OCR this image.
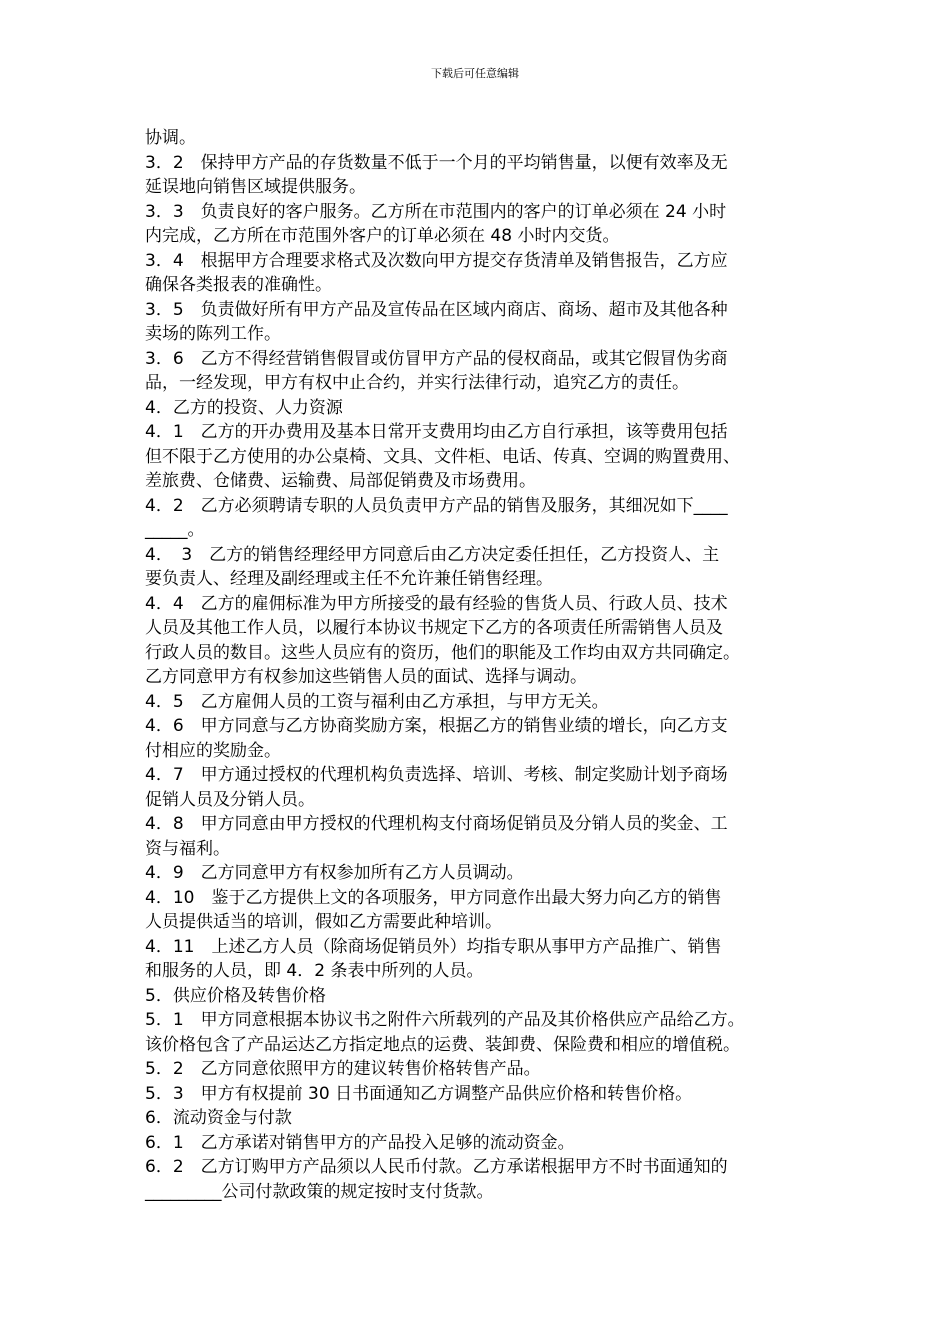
下载后可任意编辑
协调。
3．2　保持甲方产品的存货数量不低于一个月的平均销售量，以便有效率及无
延误地向销售区域提供服务。
3．3　负责良好的客户服务。乙方所在市范围内的客户的订单必须在 24 小时
内完成，乙方所在市范围外客户的订单必须在 48 小时内交货。
3．4　根据甲方合理要求格式及次数向甲方提交存货清单及销售报告，乙方应
确保各类报表的准确性。
3．5　负责做好所有甲方产品及宣传品在区域内商店、商场、超市及其他各种
卖场的陈列工作。
3．6　乙方不得经营销售假冒或仿冒甲方产品的侵权商品，或其它假冒伪劣商
品，一经发现，甲方有权中止合约，并实行法律行动，追究乙方的责任。
4．乙方的投资、人力资源
4．1　乙方的开办费用及基本日常开支费用均由乙方自行承担，该等费用包括
但不限于乙方使用的办公桌椅、文具、文件柜、电话、传真、空调的购置费用、
差旅费、仓储费、运输费、局部促销费及市场费用。
4．2　乙方必须聘请专职的人员负责甲方产品的销售及服务，其细况如下____
_____。
4．　3　乙方的销售经理经甲方同意后由乙方决定委任担任，乙方投资人、主
要负责人、经理及副经理或主任不允许兼任销售经理。
4．4　乙方的雇佣标准为甲方所接受的最有经验的售货人员、行政人员、技术
人员及其他工作人员，以履行本协议书规定下乙方的各项责任所需销售人员及
行政人员的数目。这些人员应有的资历，他们的职能及工作均由双方共同确定。
乙方同意甲方有权参加这些销售人员的面试、选择与调动。
4．5　乙方雇佣人员的工资与福利由乙方承担，与甲方无关。
4．6　甲方同意与乙方协商奖励方案，根据乙方的销售业绩的增长，向乙方支
付相应的奖励金。
4．7　甲方通过授权的代理机构负责选择、培训、考核、制定奖励计划予商场
促销人员及分销人员。
4．8　甲方同意由甲方授权的代理机构支付商场促销员及分销人员的奖金、工
资与福利。
4．9　乙方同意甲方有权参加所有乙方人员调动。
4．10　鉴于乙方提供上文的各项服务，甲方同意作出最大努力向乙方的销售
人员提供适当的培训，假如乙方需要此种培训。
4．11　上述乙方人员（除商场促销员外）均指专职从事甲方产品推广、销售
和服务的人员，即 4．2 条表中所列的人员。
5．供应价格及转售价格
5．1　甲方同意根据本协议书之附件六所载列的产品及其价格供应产品给乙方。
该价格包含了产品运达乙方指定地点的运费、装卸费、保险费和相应的增值税。
5．2　乙方同意依照甲方的建议转售价格转售产品。
5．3　甲方有权提前 30 日书面通知乙方调整产品供应价格和转售价格。
6．流动资金与付款
6．1　乙方承诺对销售甲方的产品投入足够的流动资金。
6．2　乙方订购甲方产品须以人民币付款。乙方承诺根据甲方不时书面通知的
_________公司付款政策的规定按时支付货款。
